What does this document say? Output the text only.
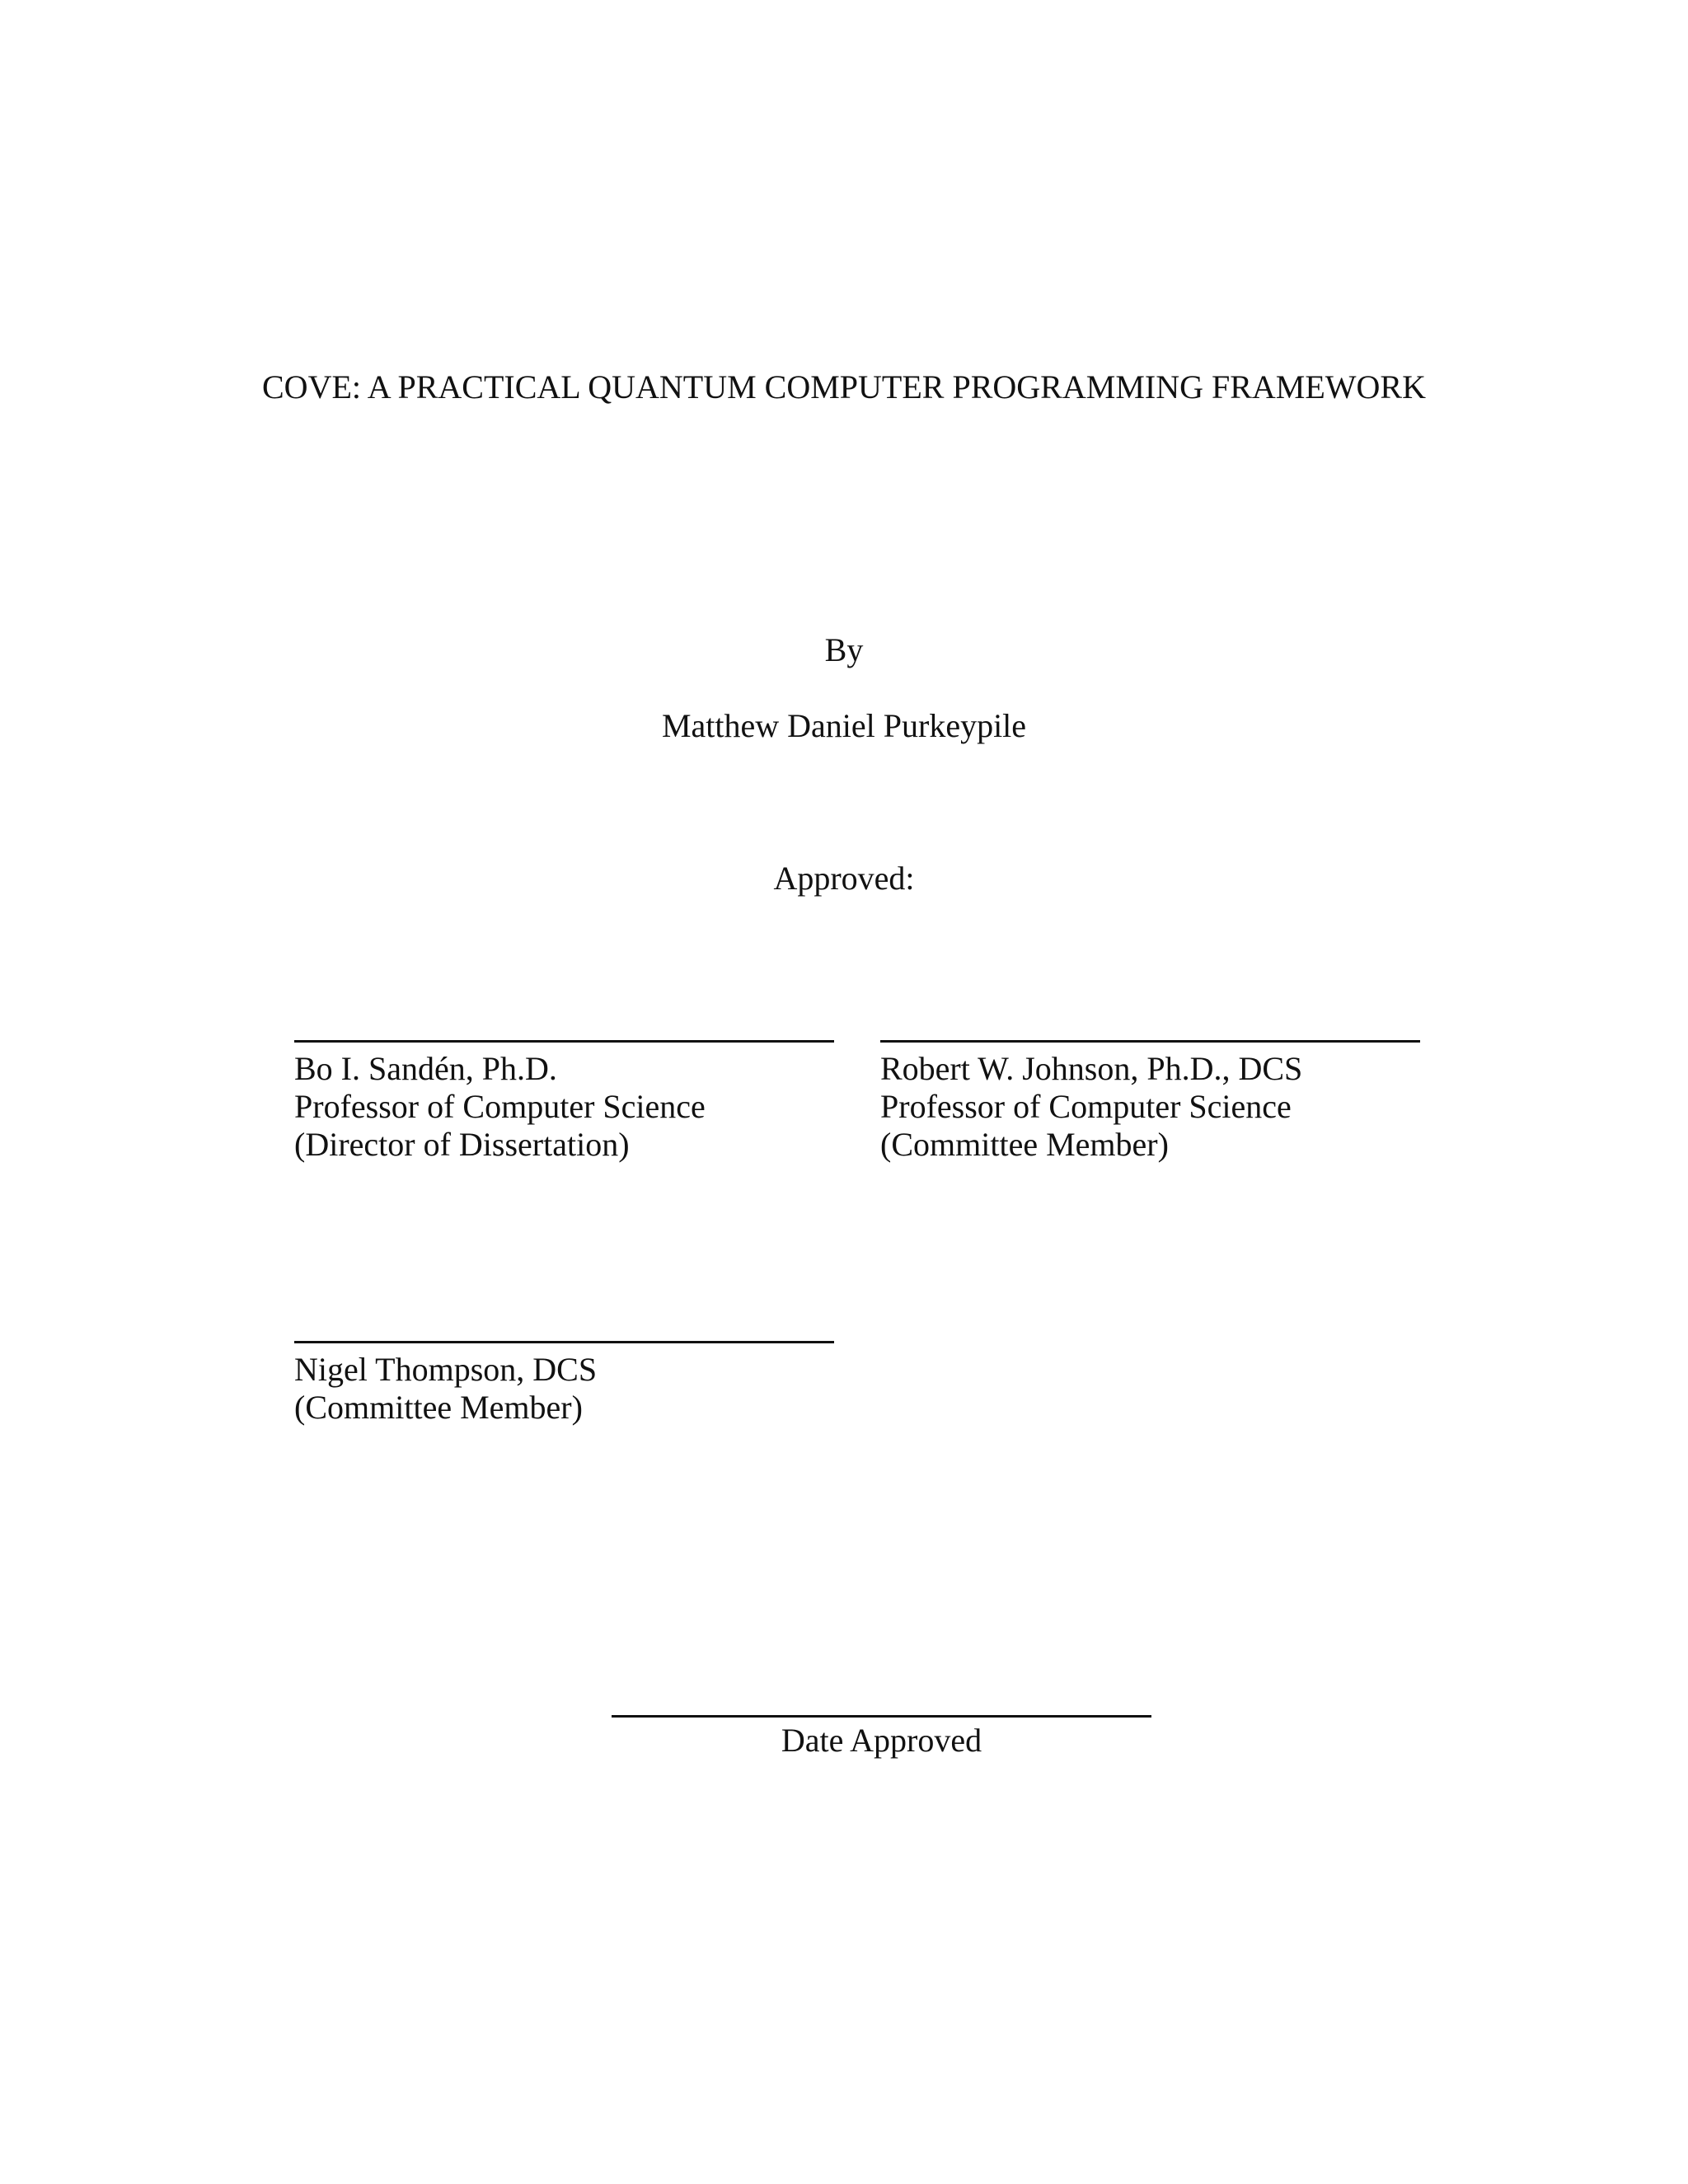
COVE: A PRACTICAL QUANTUM COMPUTER PROGRAMMING FRAMEWORK
By
Matthew Daniel Purkeypile
Approved:
Bo I. Sandén, Ph.D.
Professor of Computer Science
(Director of Dissertation)
Robert W. Johnson, Ph.D., DCS
Professor of Computer Science
(Committee Member)
Nigel Thompson, DCS
(Committee Member)
Date Approved
